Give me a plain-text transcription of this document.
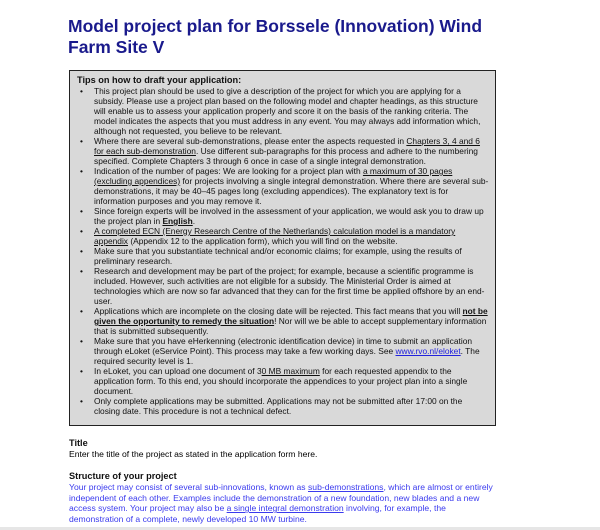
Model project plan for Borssele (Innovation) Wind Farm Site V
Tips on how to draft your application:
• This project plan should be used to give a description of the project for which you are applying for a subsidy. Please use a project plan based on the following model and chapter headings, as this structure will enable us to assess your application properly and score it on the basis of the ranking criteria. The model indicates the aspects that you must address in any event. You may always add information which, although not requested, you believe to be relevant.
• Where there are several sub-demonstrations, please enter the aspects requested in Chapters 3, 4 and 6 for each sub-demonstration. Use different sub-paragraphs for this process and adhere to the numbering specified. Complete Chapters 3 through 6 once in case of a single integral demonstration.
• Indication of the number of pages: We are looking for a project plan with a maximum of 30 pages (excluding appendices) for projects involving a single integral demonstration. Where there are several sub-demonstrations, it may be 40–45 pages long (excluding appendices). The explanatory text is for information purposes and you may remove it.
• Since foreign experts will be involved in the assessment of your application, we would ask you to draw up the project plan in English.
• A completed ECN (Energy Research Centre of the Netherlands) calculation model is a mandatory appendix (Appendix 12 to the application form), which you will find on the website.
• Make sure that you substantiate technical and/or economic claims; for example, using the results of preliminary research.
• Research and development may be part of the project; for example, because a scientific programme is included. However, such activities are not eligible for a subsidy. The Ministerial Order is aimed at technologies which are now so far advanced that they can for the first time be applied offshore by an end-user.
• Applications which are incomplete on the closing date will be rejected. This fact means that you will not be given the opportunity to remedy the situation! Nor will we be able to accept supplementary information that is submitted subsequently.
• Make sure that you have eHerkenning (electronic identification device) in time to submit an application through eLoket (eService Point). This process may take a few working days. See www.rvo.nl/eloket. The required security level is 1.
• In eLoket, you can upload one document of 30 MB maximum for each requested appendix to the application form. To this end, you should incorporate the appendices to your project plan into a single document.
• Only complete applications may be submitted. Applications may not be submitted after 17:00 on the closing date. This procedure is not a technical defect.
Title

Enter the title of the project as stated in the application form here.

Structure of your project

Your project may consist of several sub-innovations, known as sub-demonstrations, which are almost or entirely independent of each other. Examples include the demonstration of a new foundation, new blades and a new access system. Your project may also be a single integral demonstration involving, for example, the demonstration of a complete, newly developed 10 MW turbine.
